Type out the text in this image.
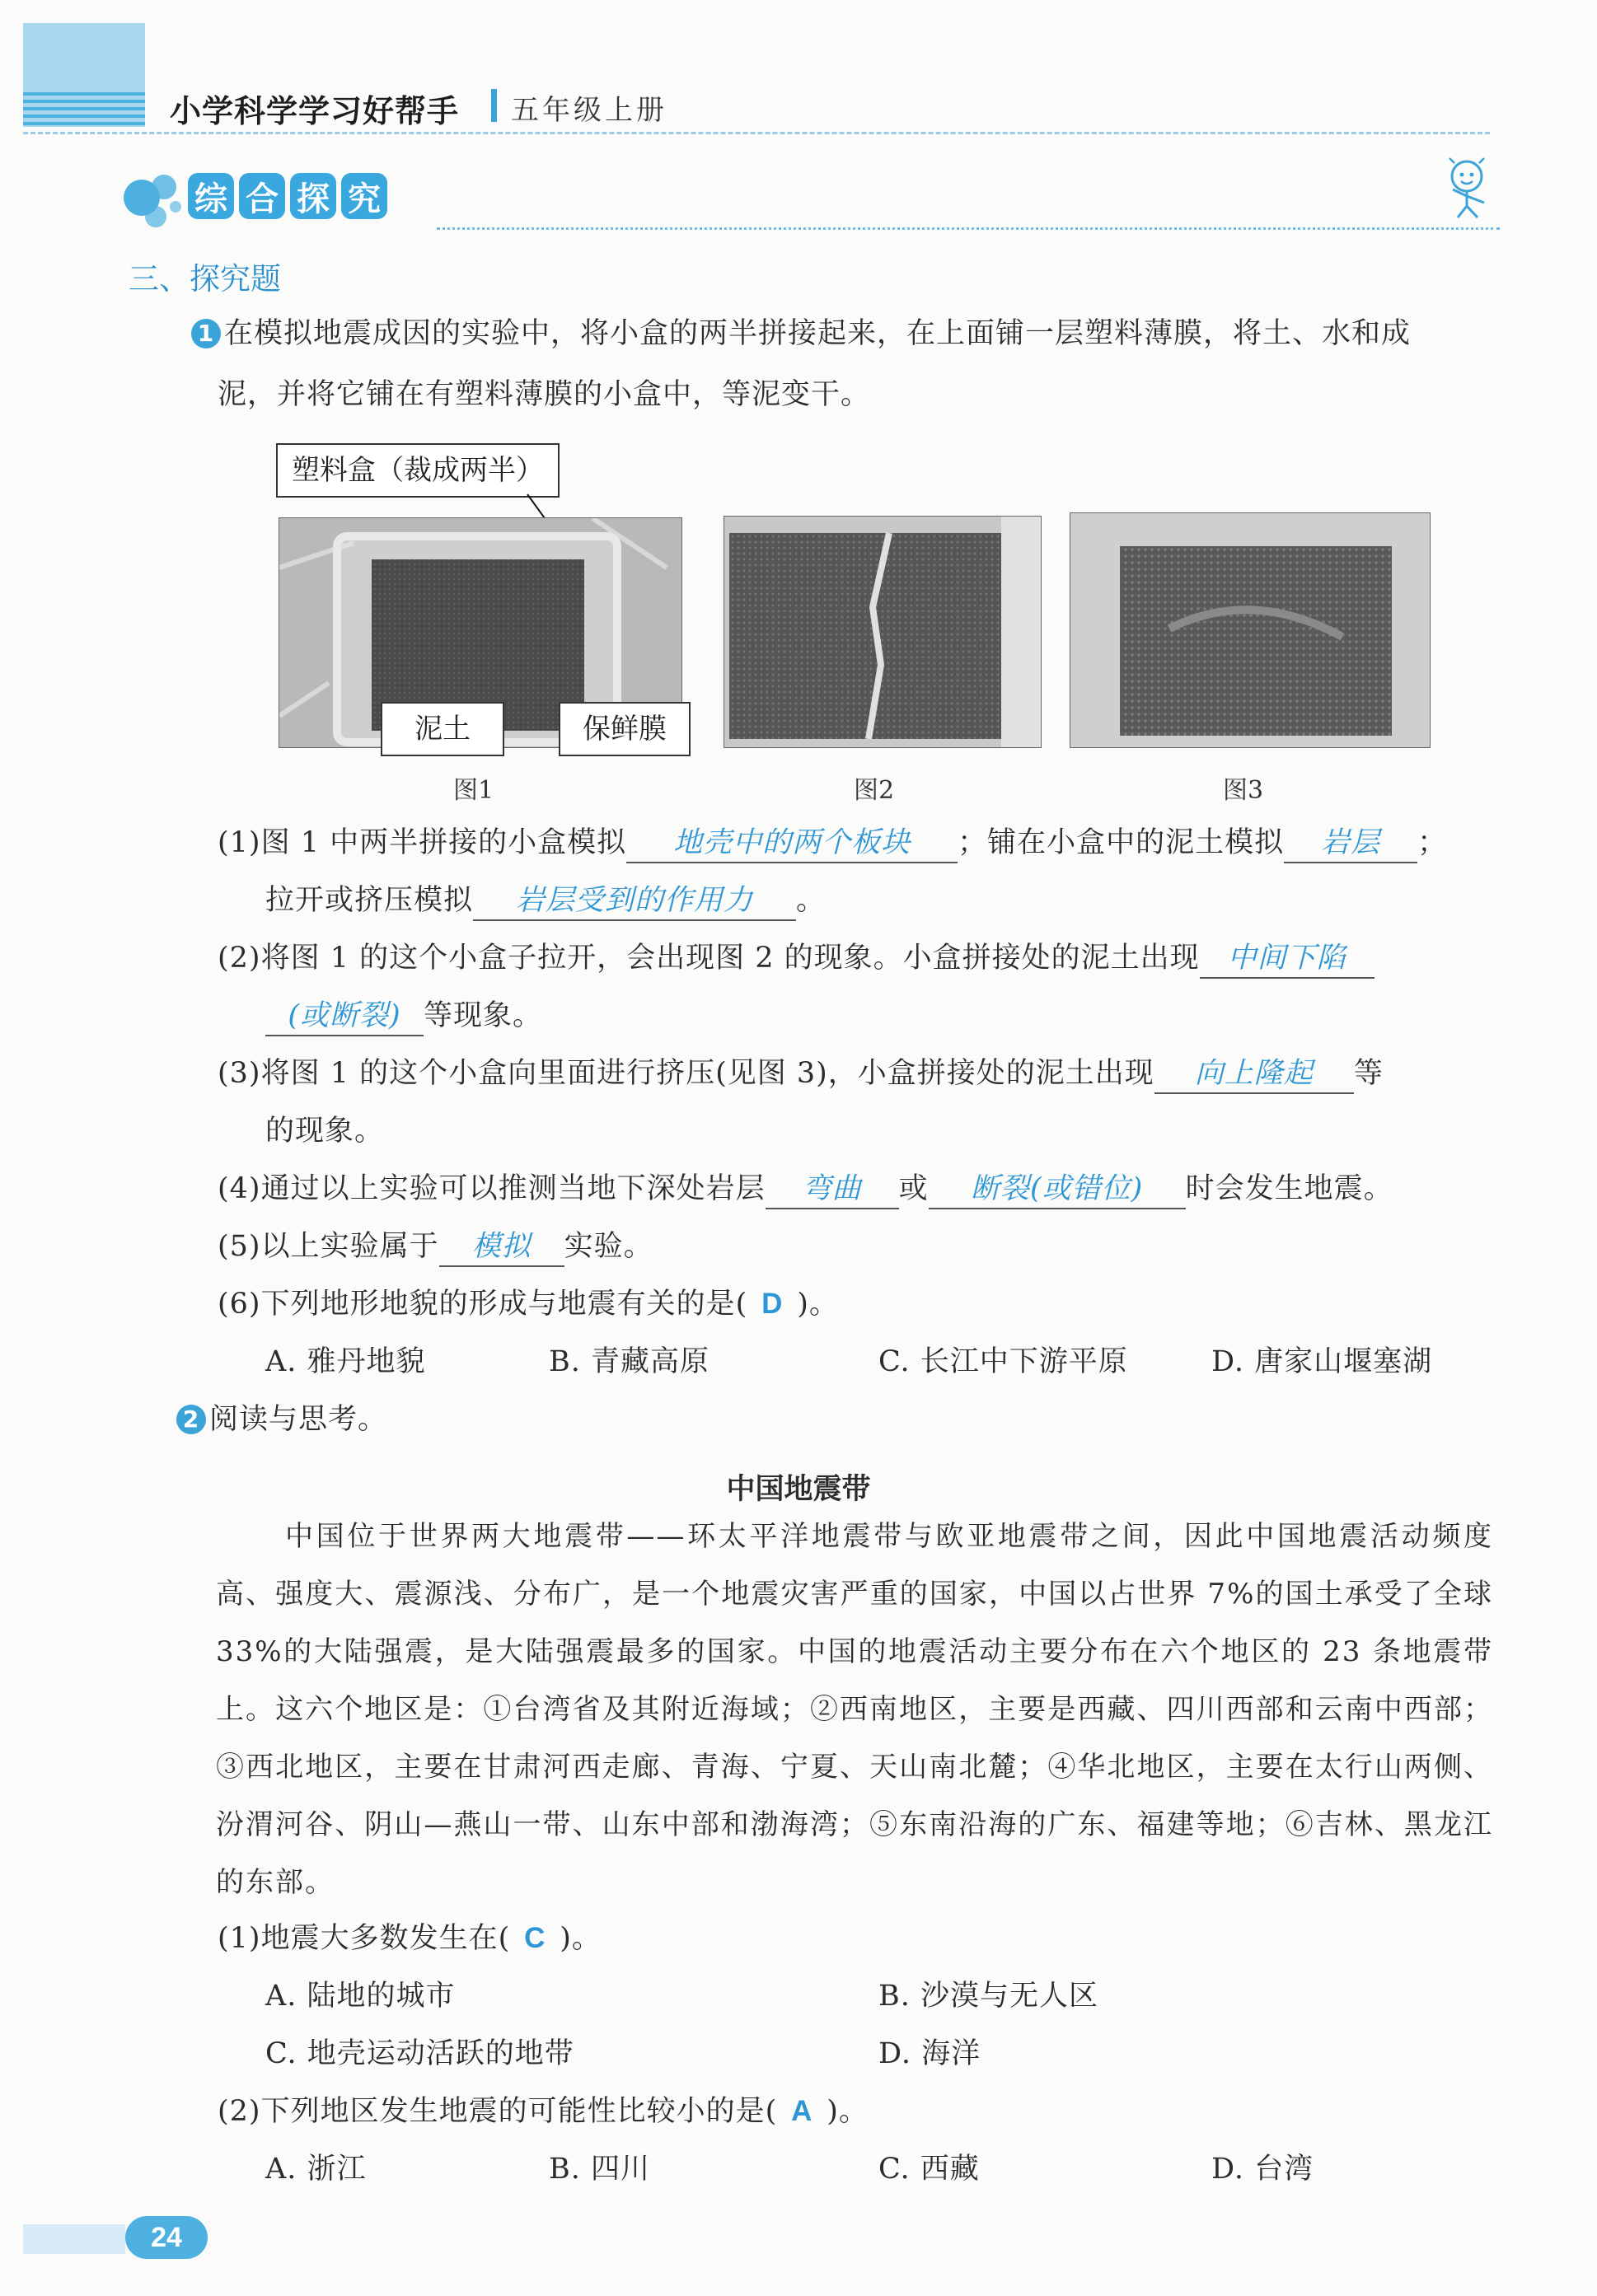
小学科学学习好帮手 五年级上册
综 合 探 究
三、探究题
1 在模拟地震成因的实验中，将小盒的两半拼接起来，在上面铺一层塑料薄膜，将土、水和成
泥，并将它铺在有塑料薄膜的小盒中，等泥变干。
塑料盒（裁成两半）
泥土	保鲜膜
图1	图2	图3
(1)图 1 中两半拼接的小盒模拟 地壳中的两个板块 ；铺在小盒中的泥土模拟 岩层 ；
拉开或挤压模拟 岩层受到的作用力 。
(2)将图 1 的这个小盒子拉开，会出现图 2 的现象。小盒拼接处的泥土出现 中间下陷
(或断裂) 等现象。
(3)将图 1 的这个小盒向里面进行挤压(见图 3)，小盒拼接处的泥土出现 向上隆起 等
的现象。
(4)通过以上实验可以推测当地下深处岩层 弯曲 或 断裂(或错位) 时会发生地震。
(5)以上实验属于 模拟 实验。
(6)下列地形地貌的形成与地震有关的是( D )。
A. 雅丹地貌	B. 青藏高原	C. 长江中下游平原	D. 唐家山堰塞湖
2 阅读与思考。
中国地震带
中国位于世界两大地震带——环太平洋地震带与欧亚地震带之间，因此中国地震活动频度高、强度大、震源浅、分布广，是一个地震灾害严重的国家，中国以占世界 7%的国土承受了全球 33%的大陆强震，是大陆强震最多的国家。中国的地震活动主要分布在六个地区的 23 条地震带上。这六个地区是：①台湾省及其附近海域；②西南地区，主要是西藏、四川西部和云南中西部；③西北地区，主要在甘肃河西走廊、青海、宁夏、天山南北麓；④华北地区，主要在太行山两侧、汾渭河谷、阴山—燕山一带、山东中部和渤海湾；⑤东南沿海的广东、福建等地；⑥吉林、黑龙江的东部。
(1)地震大多数发生在( C )。
A. 陆地的城市	B. 沙漠与无人区
C. 地壳运动活跃的地带	D. 海洋
(2)下列地区发生地震的可能性比较小的是( A )。
A. 浙江	B. 四川	C. 西藏	D. 台湾
24
